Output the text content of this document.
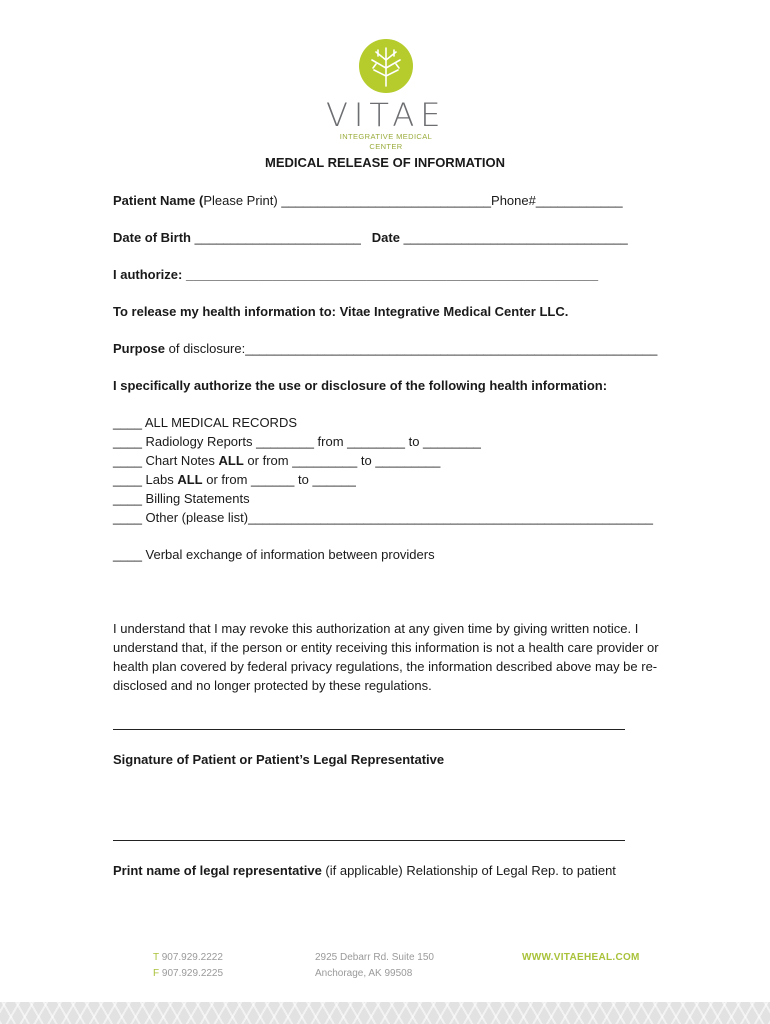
VITAE
INTEGRATIVE MEDICAL CENTER
MEDICAL RELEASE OF INFORMATION
Patient Name (Please Print) _____________________________Phone#____________
Date of Birth _______________________ Date _______________________________
I authorize: _________________________________________________________
To release my health information to: Vitae Integrative Medical Center LLC.
Purpose of disclosure:_________________________________________________________
I specifically authorize the use or disclosure of the following health information:
____ ALL MEDICAL RECORDS
____ Radiology Reports ________ from ________ to ________
____ Chart Notes ALL or from _________ to _________
____ Labs ALL or from ______ to ______
____ Billing Statements
____ Other (please list)________________________________________________________
____ Verbal exchange of information between providers
I understand that I may revoke this authorization at any given time by giving written notice. I understand that, if the person or entity receiving this information is not a health care provider or health plan covered by federal privacy regulations, the information described above may be re-disclosed and no longer protected by these regulations.
Signature of Patient or Patient’s Legal Representative
Print name of legal representative (if applicable) Relationship of Legal Rep. to patient
T 907.929.2222
F 907.929.2225
2925 Debarr Rd. Suite 150
Anchorage, AK 99508
WWW.VITAEHEAL.COM
